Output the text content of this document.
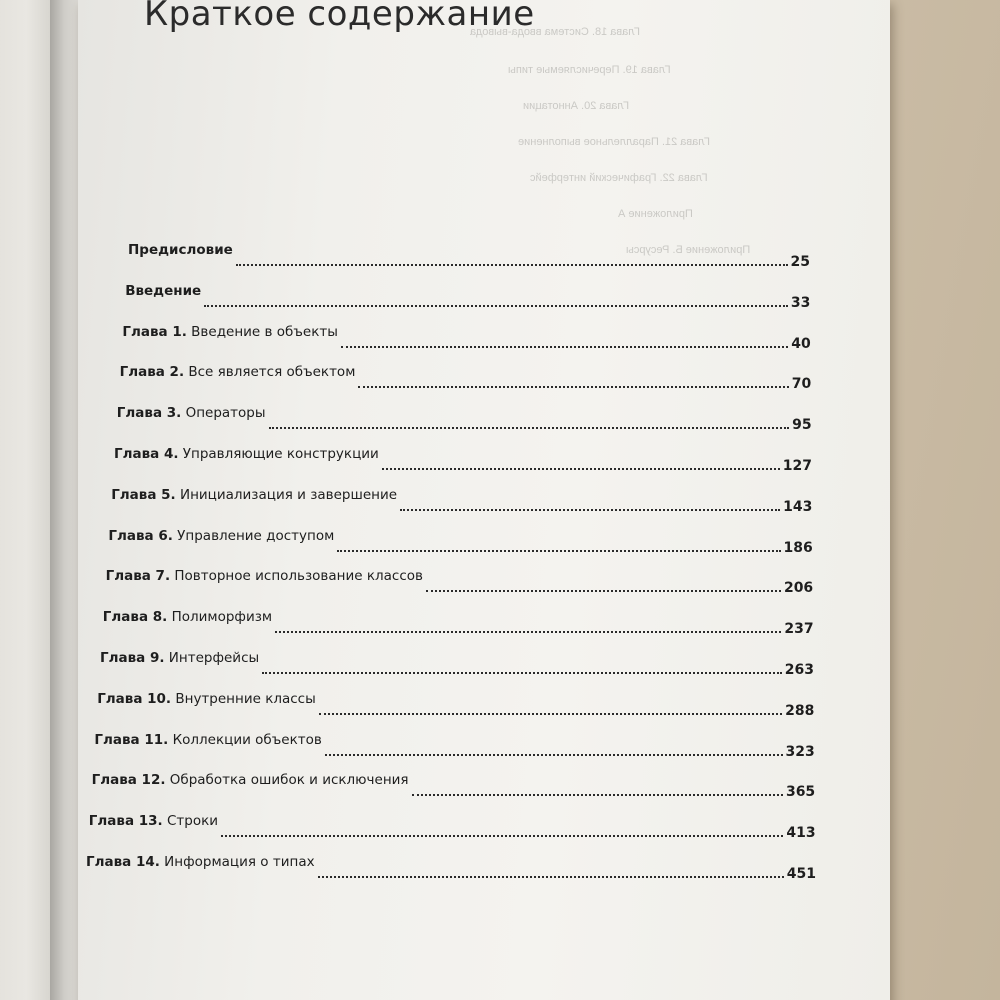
Глава 18. Система ввода-вывода
Глава 19. Перечисляемые типы
Глава 20. Аннотации
Глава 21. Параллельное выполнение
Глава 22. Графический интерфейс
Приложение А
Приложение Б. Ресурсы
Краткое содержание
Предисловие
25
Введение
33
Глава 1. Введение в объекты
40
Глава 2. Все является объектом
70
Глава 3. Операторы
95
Глава 4. Управляющие конструкции
127
Глава 5. Инициализация и завершение
143
Глава 6. Управление доступом
186
Глава 7. Повторное использование классов
206
Глава 8. Полиморфизм
237
Глава 9. Интерфейсы
263
Глава 10. Внутренние классы
288
Глава 11. Коллекции объектов
323
Глава 12. Обработка ошибок и исключения
365
Глава 13. Строки
413
Глава 14. Информация о типах
451
